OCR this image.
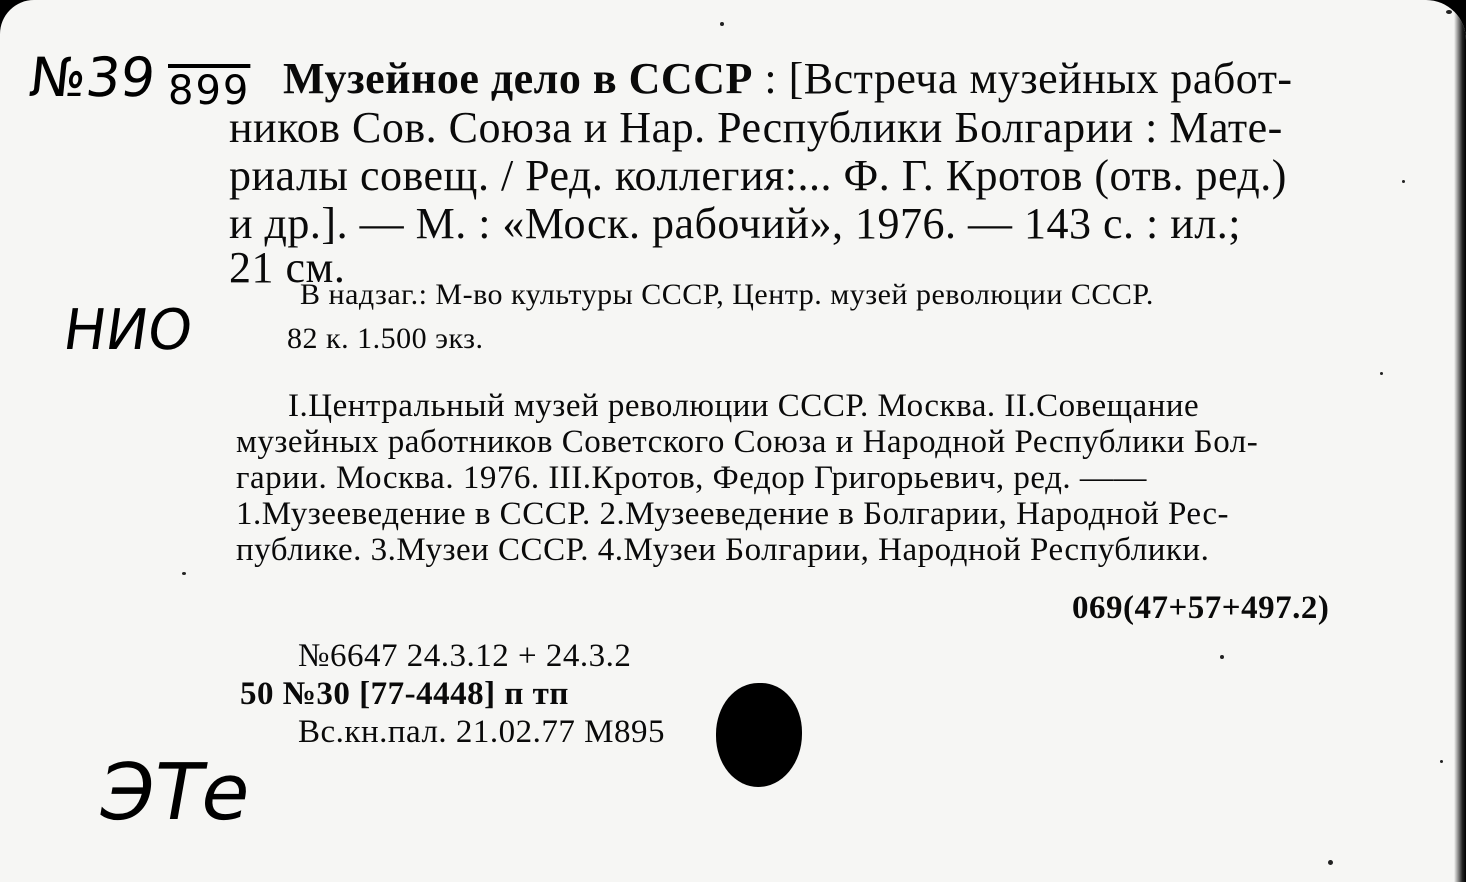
№39 899
НИО
ЭТе
Музейное дело в СССР : [Встреча музейных работ-
ников Сов. Союза и Нар. Республики Болгарии : Мате-
риалы совещ. / Ред. коллегия:... Ф. Г. Кротов (отв. ред.)
и др.]. — М. : «Моск. рабочий», 1976. — 143 с. : ил.;
21 см.
В надзаг.: М-во культуры СССР, Центр. музей революции СССР.
82 к. 1.500 экз.
I.Центральный музей революции СССР. Москва. II.Совещание
музейных работников Советского Союза и Народной Республики Бол-
гарии. Москва. 1976. III.Кротов, Федор Григорьевич, ред. ——
1.Музееведение в СССР. 2.Музееведение в Болгарии, Народной Рес-
публике. 3.Музеи СССР. 4.Музеи Болгарии, Народной Республики.
069(47+57+497.2)
№6647 24.3.12 + 24.3.2
50 №30 [77-4448] п тп
Вс.кн.пал. 21.02.77 М895
